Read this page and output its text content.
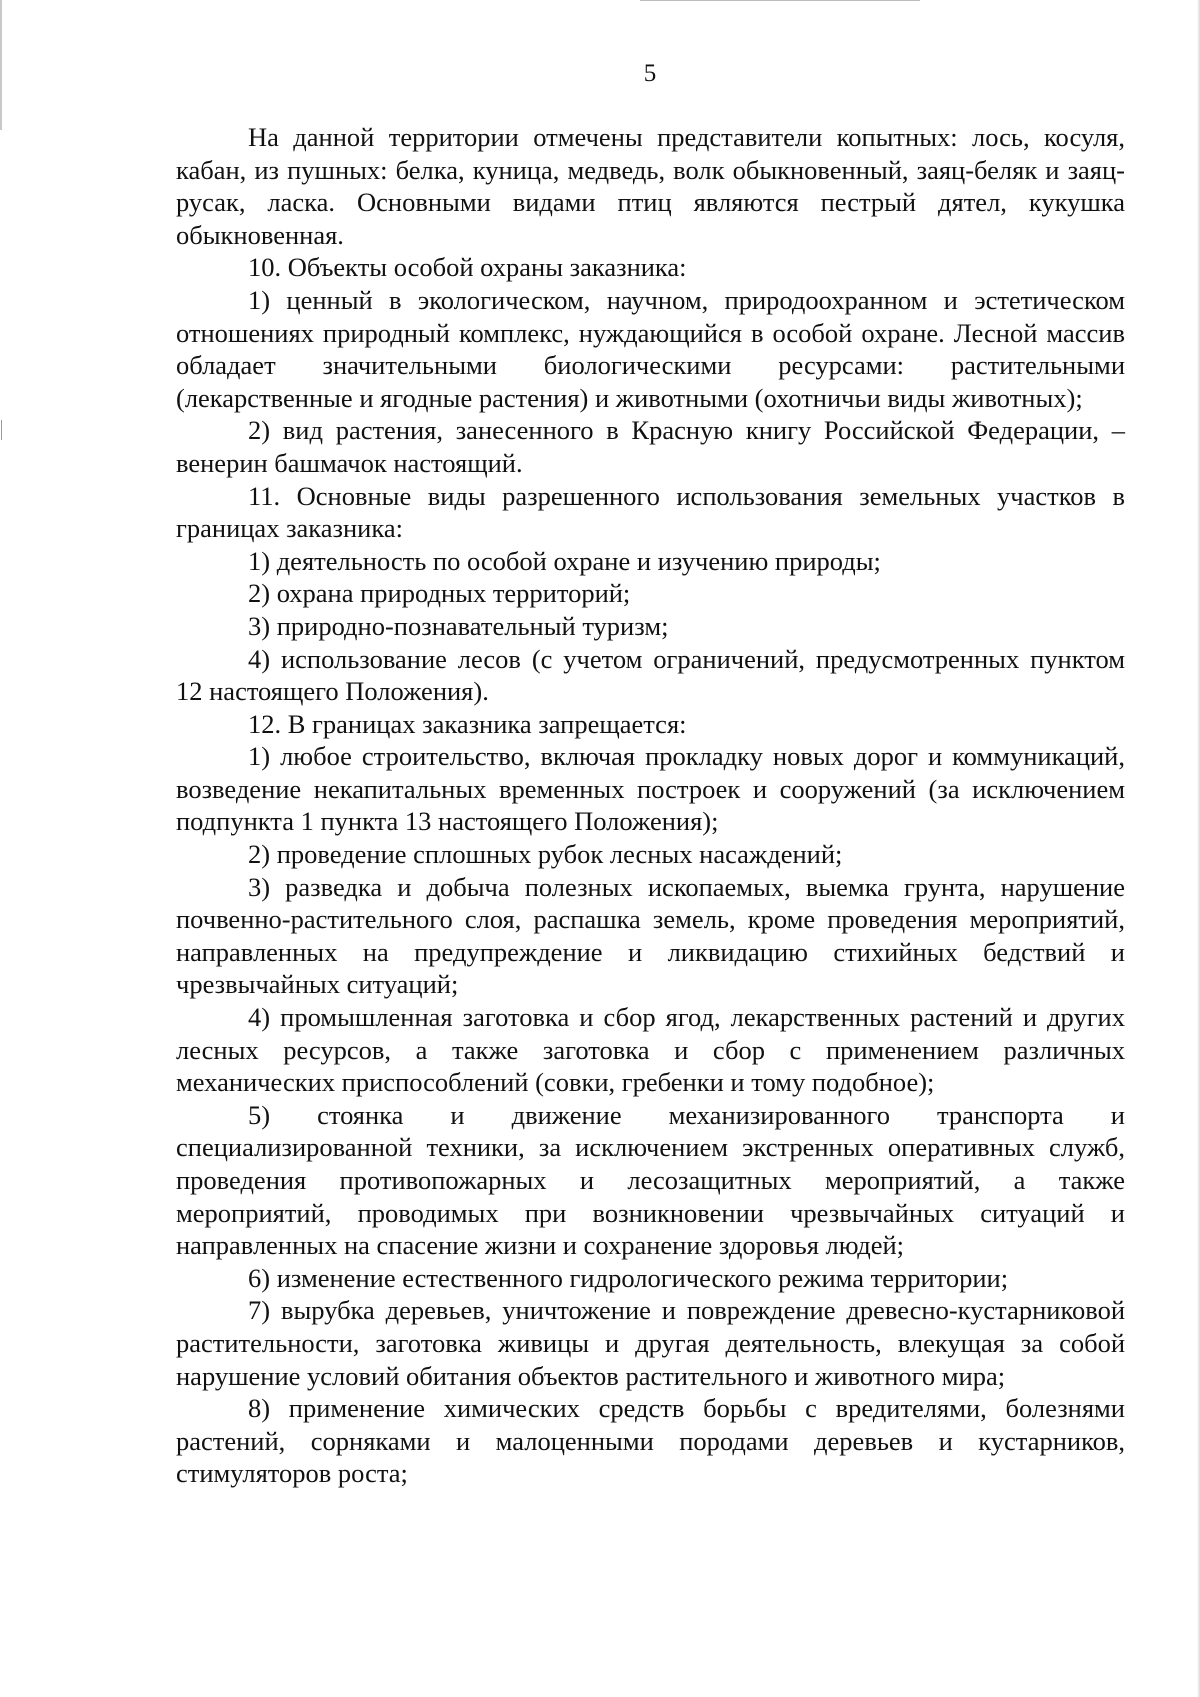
5

На данной территории отмечены представители копытных: лось, косуля, кабан, из пушных: белка, куница, медведь, волк обыкновенный, заяц-беляк и заяц-русак, ласка. Основными видами птиц являются пестрый дятел, кукушка обыкновенная.

10. Объекты особой охраны заказника:

1) ценный в экологическом, научном, природоохранном и эстетическом отношениях природный комплекс, нуждающийся в особой охране. Лесной массив обладает значительными биологическими ресурсами: растительными (лекарственные и ягодные растения) и животными (охотничьи виды животных);

2) вид растения, занесенного в Красную книгу Российской Федерации, – венерин башмачок настоящий.

11. Основные виды разрешенного использования земельных участков в границах заказника:

1) деятельность по особой охране и изучению природы;

2) охрана природных территорий;

3) природно-познавательный туризм;

4) использование лесов (с учетом ограничений, предусмотренных пунктом 12 настоящего Положения).

12. В границах заказника запрещается:

1) любое строительство, включая прокладку новых дорог и коммуникаций, возведение некапитальных временных построек и сооружений (за исключением подпункта 1 пункта 13 настоящего Положения);

2) проведение сплошных рубок лесных насаждений;

3) разведка и добыча полезных ископаемых, выемка грунта, нарушение почвенно-растительного слоя, распашка земель, кроме проведения мероприятий, направленных на предупреждение и ликвидацию стихийных бедствий и чрезвычайных ситуаций;

4) промышленная заготовка и сбор ягод, лекарственных растений и других лесных ресурсов, а также заготовка и сбор с применением различных механических приспособлений (совки, гребенки и тому подобное);

5) стоянка и движение механизированного транспорта и специализированной техники, за исключением экстренных оперативных служб, проведения противопожарных и лесозащитных мероприятий, а также мероприятий, проводимых при возникновении чрезвычайных ситуаций и направленных на спасение жизни и сохранение здоровья людей;

6) изменение естественного гидрологического режима территории;

7) вырубка деревьев, уничтожение и повреждение древесно-кустарниковой растительности, заготовка живицы и другая деятельность, влекущая за собой нарушение условий обитания объектов растительного и животного мира;

8) применение химических средств борьбы с вредителями, болезнями растений, сорняками и малоценными породами деревьев и кустарников, стимуляторов роста;
